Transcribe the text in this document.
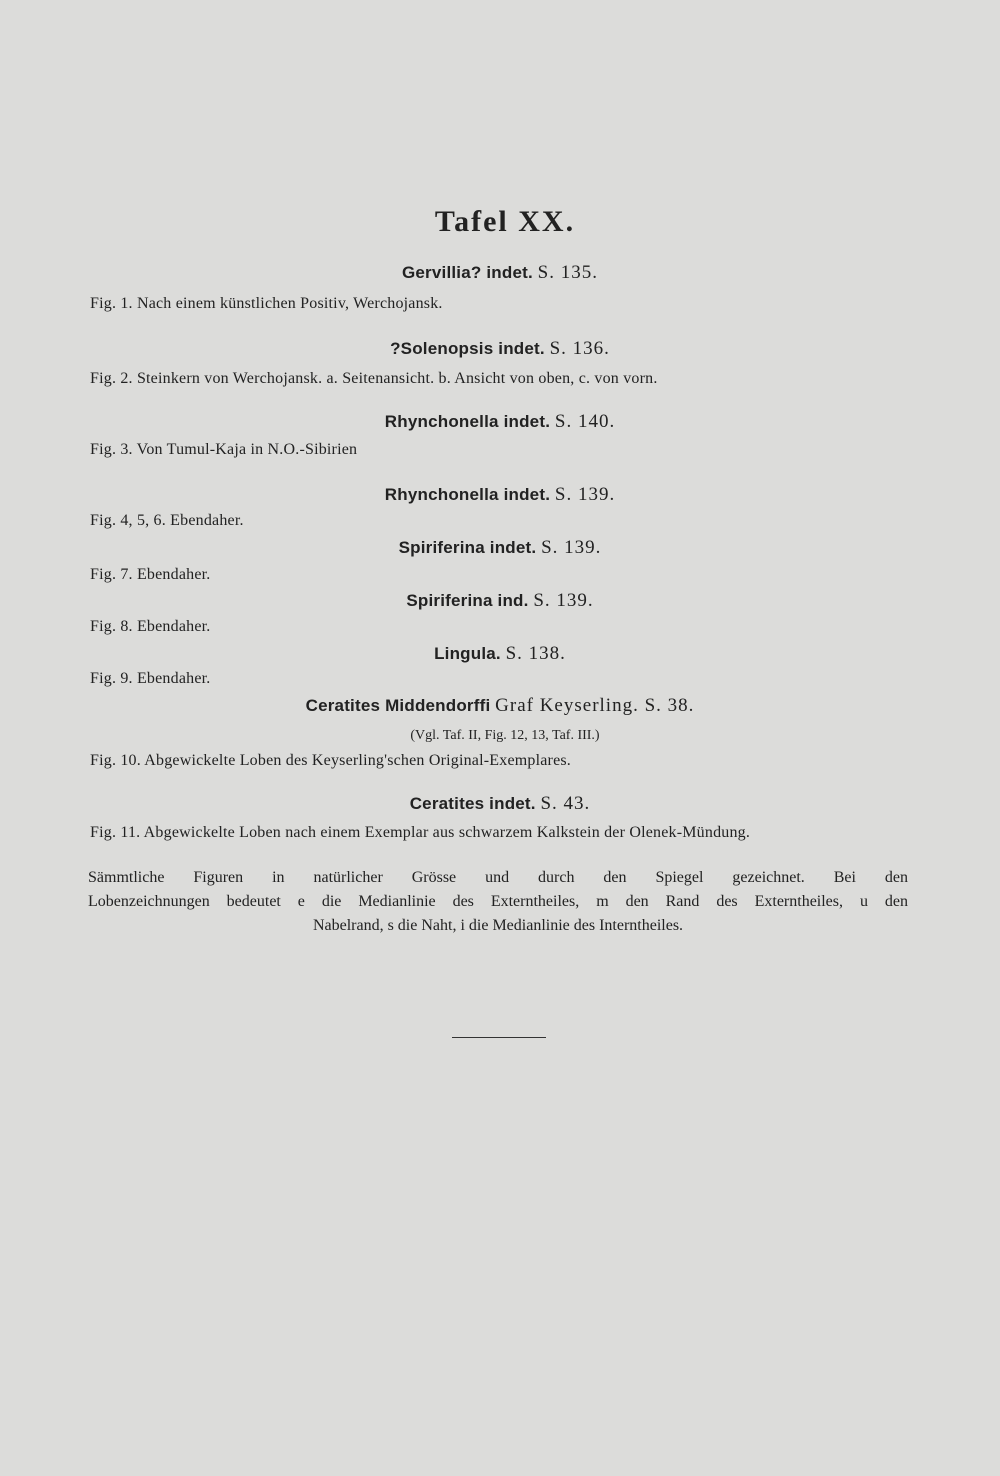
Tafel XX.
Gervillia? indet. S. 135.
Fig. 1. Nach einem künstlichen Positiv, Werchojansk.
?Solenopsis indet. S. 136.
Fig. 2. Steinkern von Werchojansk. a. Seitenansicht. b. Ansicht von oben, c. von vorn.
Rhynchonella indet. S. 140.
Fig. 3. Von Tumul-Kaja in N.O.-Sibirien
Rhynchonella indet. S. 139.
Fig. 4, 5, 6. Ebendaher.
Spiriferina indet. S. 139.
Fig. 7. Ebendaher.
Spiriferina ind. S. 139.
Fig. 8. Ebendaher.
Lingula. S. 138.
Fig. 9. Ebendaher.
Ceratites Middendorffi Graf Keyserling. S. 38.
(Vgl. Taf. II, Fig. 12, 13, Taf. III.)
Fig. 10. Abgewickelte Loben des Keyserling'schen Original-Exemplares.
Ceratites indet. S. 43.
Fig. 11. Abgewickelte Loben nach einem Exemplar aus schwarzem Kalkstein der Olenek-Mündung.
Sämmtliche Figuren in natürlicher Grösse und durch den Spiegel gezeichnet. Bei den
Lobenzeichnungen bedeutet e die Medianlinie des Externtheiles, m den Rand des Externtheiles, u den
Nabelrand, s die Naht, i die Medianlinie des Interntheiles.
